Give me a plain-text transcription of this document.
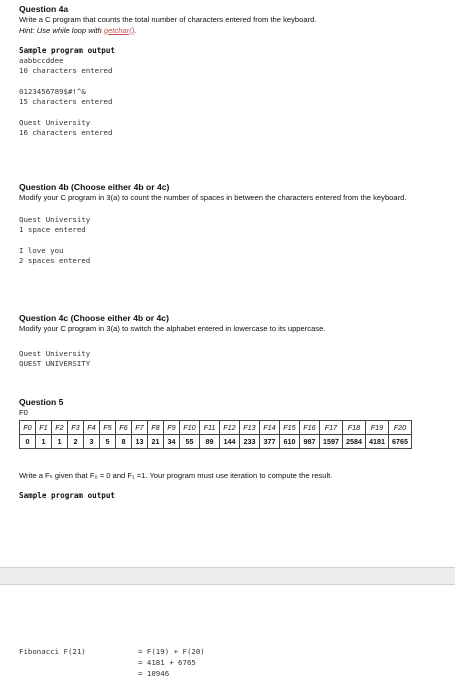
Question 4a

Write a C program that counts the total number of characters entered from the keyboard.

Hint: Use while loop with getchar().

Sample program output

aabbccddee

10 characters entered

0123456789$#!^&

15 characters entered

Quest University

16 characters entered

Question 4b (Choose either 4b or 4c)

Modify your C program in 3(a) to count the number of spaces in between the characters entered from the keyboard.

Quest University

1 space entered

I love you

2 spaces entered

Question 4c (Choose either 4b or 4c)

Modify your C program in 3(a) to switch the alphabet entered in lowercase to its uppercase.

Quest University

QUEST UNIVERSITY

Question 5

F0

F0	F1	F2	F3	F4	F5	F6	F7	F8	F9	F10	F11	F12	F13	F14	F15	F16	F17	F18	F19	F20
0	1	1	2	3	5	8	13	21	34	55	89	144	233	377	610	987	1597	2584	4181	6765

Write a Fₙ given that F₀ = 0 and F₁ =1. Your program must use iteration to compute the result.

Sample program output

Fibonacci F(21)	= F(19) + F(20)
= 4181 + 6765
= 10946
